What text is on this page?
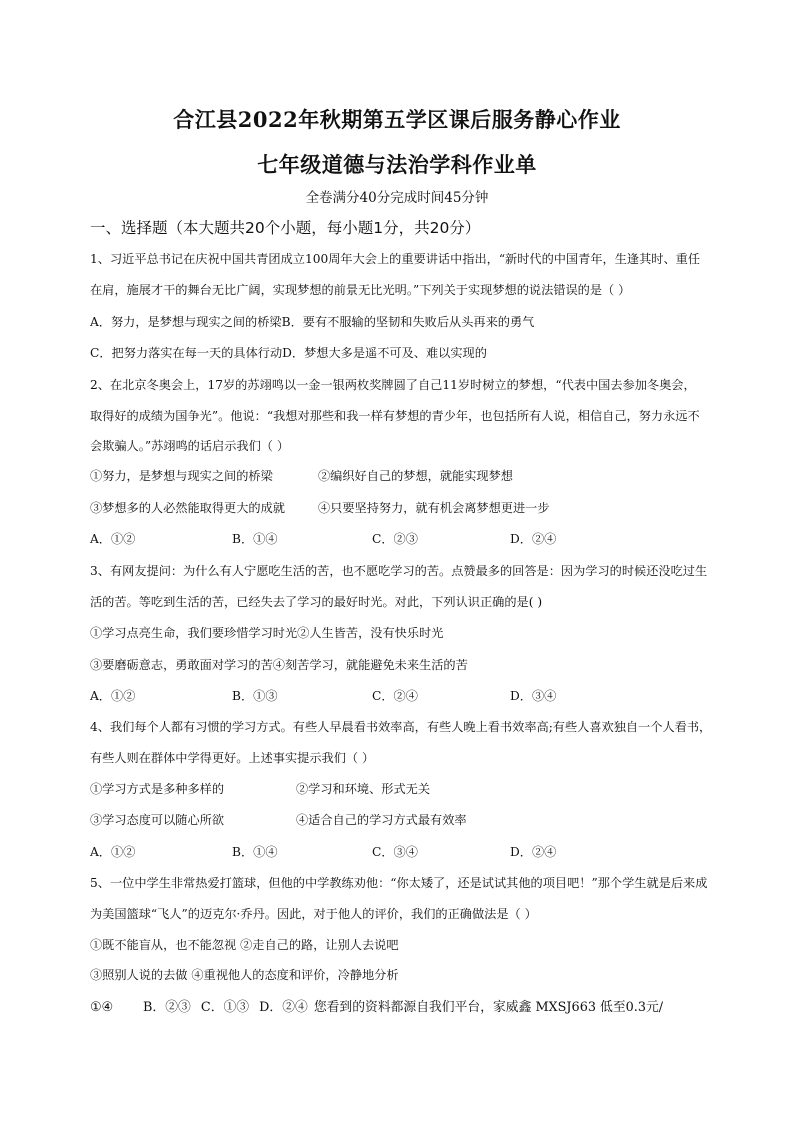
合江县2022年秋期第五学区课后服务静心作业
七年级道德与法治学科作业单
全卷满分40分完成时间45分钟
一、选择题（本大题共20个小题，每小题1分，共20分）
1、习近平总书记在庆祝中国共青团成立100周年大会上的重要讲话中指出，“新时代的中国青年，生逢其时、重任
在肩，施展才干的舞台无比广阔，实现梦想的前景无比光明。”下列关于实现梦想的说法错误的是（ ）
A．努力，是梦想与现实之间的桥梁B．要有不服输的坚韧和失败后从头再来的勇气
C．把努力落实在每一天的具体行动D．梦想大多是遥不可及、难以实现的
2、在北京冬奥会上，17岁的苏翊鸣以一金一银两枚奖牌圆了自己11岁时树立的梦想，“代表中国去参加冬奥会，
取得好的成绩为国争光”。他说：“我想对那些和我一样有梦想的青少年，也包括所有人说，相信自己，努力永远不
会欺骗人。”苏翊鸣的话启示我们（ ）
①努力，是梦想与现实之间的桥梁	②编织好自己的梦想，就能实现梦想
③梦想多的人必然能取得更大的成就	④只要坚持努力，就有机会离梦想更进一步
A．①②	B．①④	C．②③	D．②④
3、有网友提问：为什么有人宁愿吃生活的苦，也不愿吃学习的苦。点赞最多的回答是：因为学习的时候还没吃过生
活的苦。等吃到生活的苦，已经失去了学习的最好时光。对此，下列认识正确的是( )
①学习点亮生命，我们要珍惜学习时光②人生皆苦，没有快乐时光
③要磨砺意志，勇敢面对学习的苦④刻苦学习，就能避免未来生活的苦
A．①②	B．①③	C．②④	D．③④
4、我们每个人都有习惯的学习方式。有些人早晨看书效率高，有些人晚上看书效率高;有些人喜欢独自一个人看书，
有些人则在群体中学得更好。上述事实提示我们（ ）
①学习方式是多种多样的	②学习和环境、形式无关
③学习态度可以随心所欲	④适合自己的学习方式最有效率
A．①②	B．①④	C．③④	D．②④
5、一位中学生非常热爱打篮球，但他的中学教练劝他：“你太矮了，还是试试其他的项目吧！”那个学生就是后来成
为美国篮球“飞人”的迈克尔·乔丹。因此，对于他人的评价，我们的正确做法是（ ）
①既不能盲从，也不能忽视 ②走自己的路，让别人去说吧
③照别人说的去做 ④重视他人的态度和评价，冷静地分析
①④ B．②③ C．①③ D．②④ 您看到的资料都源自我们平台，家威鑫 MXSJ663 低至0.3元/
